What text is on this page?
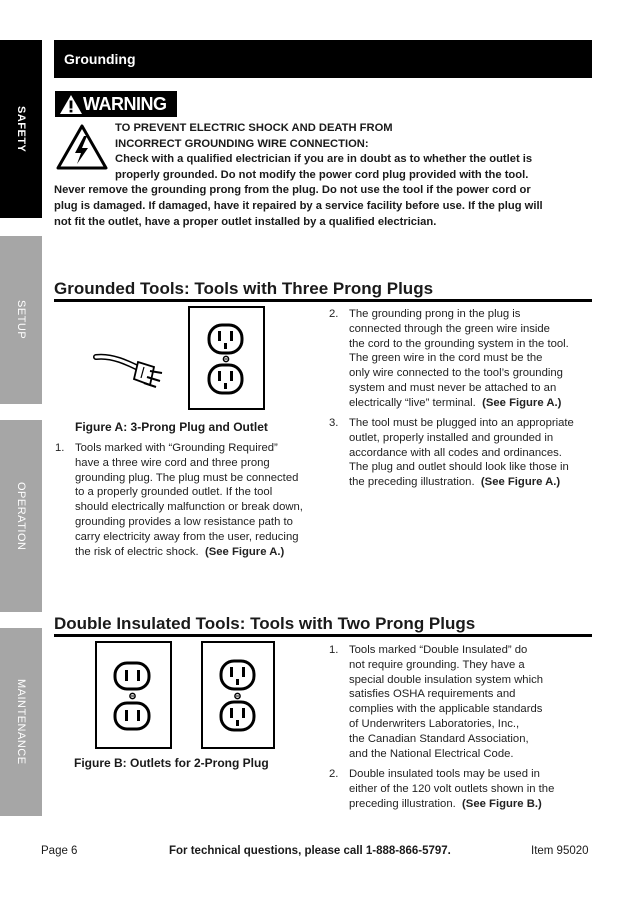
SAFETY
SETUP
OPERATION
MAINTENANCE
Grounding
WARNING
TO PREVENT ELECTRIC SHOCK AND DEATH FROM
INCORRECT GROUNDING WIRE CONNECTION:
Check with a qualified electrician if you are in doubt as to whether the outlet is
properly grounded. Do not modify the power cord plug provided with the tool.
Never remove the grounding prong from the plug. Do not use the tool if the power cord or
plug is damaged. If damaged, have it repaired by a service facility before use. If the plug will
not fit the outlet, have a proper outlet installed by a qualified electrician.
Grounded Tools: Tools with Three Prong Plugs
Figure A: 3-Prong Plug and Outlet
1. Tools marked with “Grounding Required”
have a three wire cord and three prong
grounding plug. The plug must be connected
to a properly grounded outlet. If the tool
should electrically malfunction or break down,
grounding provides a low resistance path to
carry electricity away from the user, reducing
the risk of electric shock. (See Figure A.)
2. The grounding prong in the plug is
connected through the green wire inside
the cord to the grounding system in the tool.
The green wire in the cord must be the
only wire connected to the tool’s grounding
system and must never be attached to an
electrically “live” terminal. (See Figure A.)
3. The tool must be plugged into an appropriate
outlet, properly installed and grounded in
accordance with all codes and ordinances.
The plug and outlet should look like those in
the preceding illustration. (See Figure A.)
Double Insulated Tools: Tools with Two Prong Plugs
Figure B: Outlets for 2-Prong Plug
1. Tools marked “Double Insulated” do
not require grounding. They have a
special double insulation system which
satisfies OSHA requirements and
complies with the applicable standards
of Underwriters Laboratories, Inc.,
the Canadian Standard Association,
and the National Electrical Code.
2. Double insulated tools may be used in
either of the 120 volt outlets shown in the
preceding illustration. (See Figure B.)
Page 6	For technical questions, please call 1-888-866-5797.	Item 95020
